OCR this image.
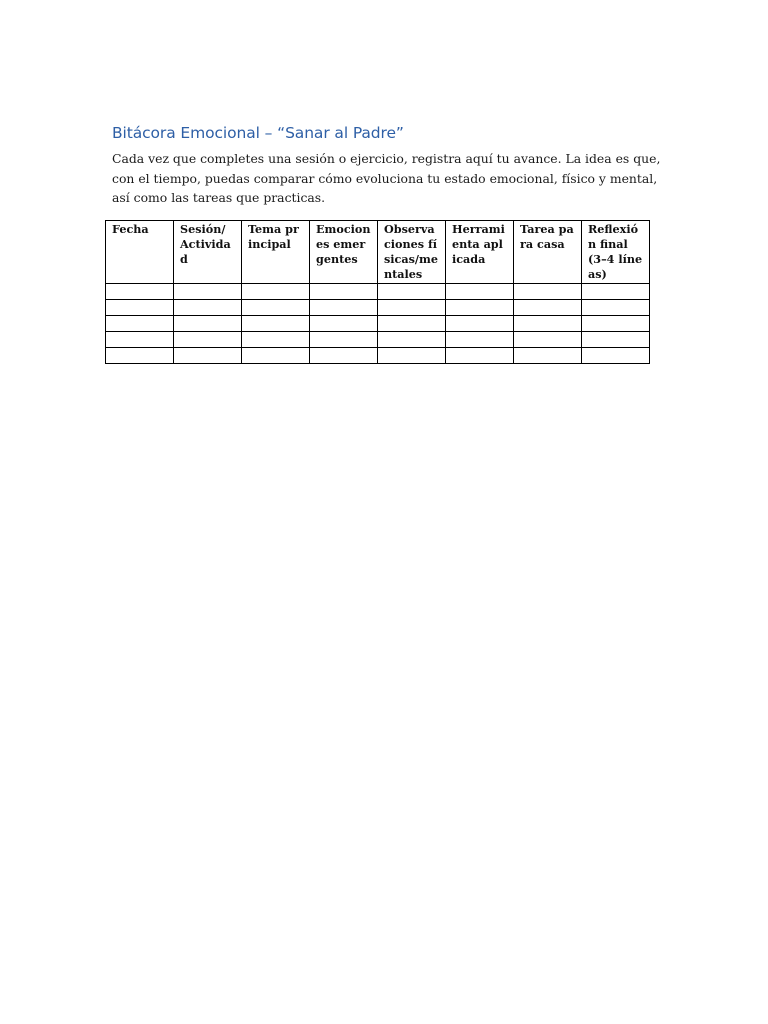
Bitácora Emocional – “Sanar al Padre”

Cada vez que completes una sesión o ejercicio, registra aquí tu avance. La idea es que, con el tiempo, puedas comparar cómo evoluciona tu estado emocional, físico y mental, así como las tareas que practicas.

Fecha	Sesión/ Actividad	Tema principal	Emociones emergentes	Observaciones físicas/mentales	Herramienta aplicada	Tarea para casa	Reflexión final (3–4 líneas)
